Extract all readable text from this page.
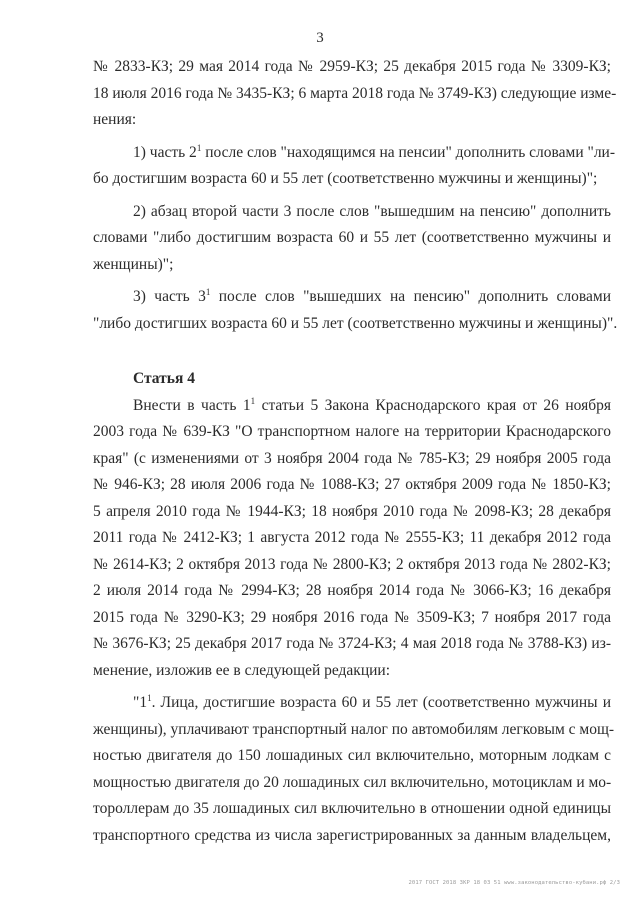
3
№ 2833-КЗ; 29 мая 2014 года № 2959-КЗ; 25 декабря 2015 года № 3309-КЗ;
18 июля 2016 года № 3435-КЗ; 6 марта 2018 года № 3749-КЗ) следующие изме-
нения:
1) часть $2^1$ после слов "находящимся на пенсии" дополнить словами "ли-
бо достигшим возраста 60 и 55 лет (соответственно мужчины и женщины)";
2) абзац второй части 3 после слов "вышедшим на пенсию" дополнить
словами "либо достигшим возраста 60 и 55 лет (соответственно мужчины и
женщины)";
3) часть $3^1$ после слов "вышедших на пенсию" дополнить словами
"либо достигших возраста 60 и 55 лет (соответственно мужчины и женщины)".
Статья 4
Внести в часть $1^1$ статьи 5 Закона Краснодарского края от 26 ноября
2003 года № 639-КЗ "О транспортном налоге на территории Краснодарского
края" (с изменениями от 3 ноября 2004 года № 785-КЗ; 29 ноября 2005 года
№ 946-КЗ; 28 июля 2006 года № 1088-КЗ; 27 октября 2009 года № 1850-КЗ;
5 апреля 2010 года № 1944-КЗ; 18 ноября 2010 года № 2098-КЗ; 28 декабря
2011 года № 2412-КЗ; 1 августа 2012 года № 2555-КЗ; 11 декабря 2012 года
№ 2614-КЗ; 2 октября 2013 года № 2800-КЗ; 2 октября 2013 года № 2802-КЗ;
2 июля 2014 года № 2994-КЗ; 28 ноября 2014 года № 3066-КЗ; 16 декабря
2015 года № 3290-КЗ; 29 ноября 2016 года № 3509-КЗ; 7 ноября 2017 года
№ 3676-КЗ; 25 декабря 2017 года № 3724-КЗ; 4 мая 2018 года № 3788-КЗ) из-
менение, изложив ее в следующей редакции:
"$1^1$. Лица, достигшие возраста 60 и 55 лет (соответственно мужчины и
женщины), уплачивают транспортный налог по автомобилям легковым с мощ-
ностью двигателя до 150 лошадиных сил включительно, моторным лодкам с
мощностью двигателя до 20 лошадиных сил включительно, мотоциклам и мо-
тороллерам до 35 лошадиных сил включительно в отношении одной единицы
транспортного средства из числа зарегистрированных за данным владельцем,
2017 ГОСТ 2018 ЗКР 18 03 51 www.законодательство-кубани.рф 2/3
